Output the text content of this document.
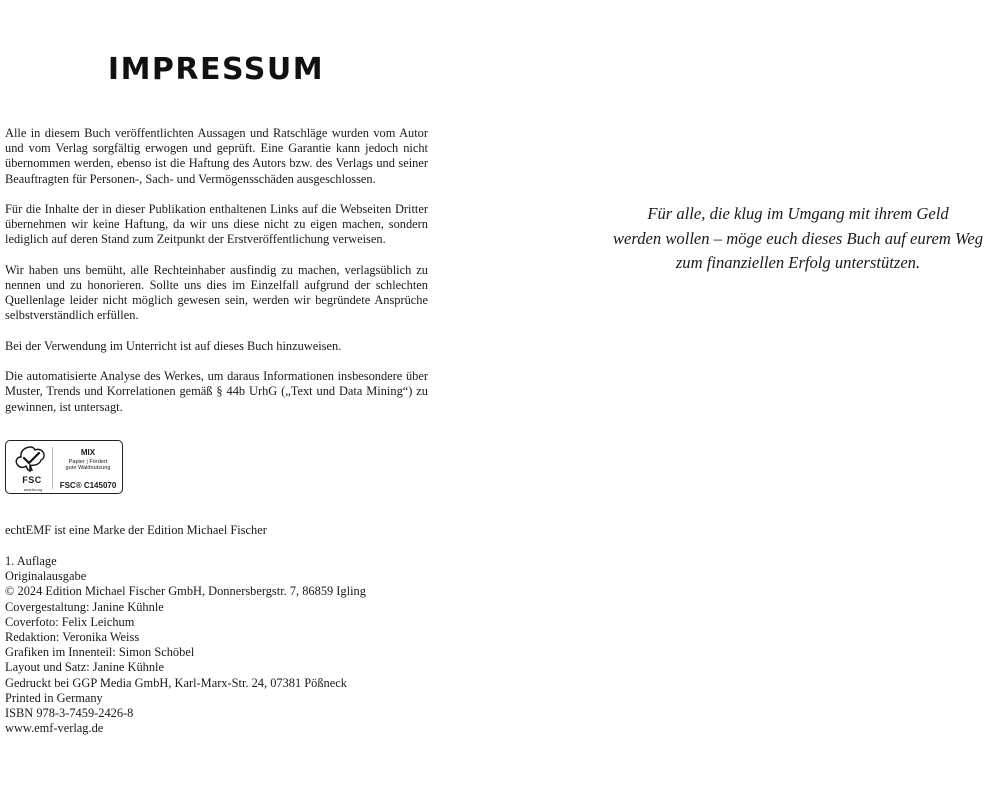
IMPRESSUM

Alle in diesem Buch veröffentlichten Aussagen und Ratschläge wurden vom Autor und vom Verlag sorgfältig erwogen und geprüft. Eine Garantie kann jedoch nicht übernommen werden, ebenso ist die Haftung des Autors bzw. des Verlags und seiner Beauftragten für Personen-, Sach- und Vermögensschäden ausgeschlossen.

Für die Inhalte der in dieser Publikation enthaltenen Links auf die Webseiten Dritter übernehmen wir keine Haftung, da wir uns diese nicht zu eigen machen, sondern lediglich auf deren Stand zum Zeitpunkt der Erstveröffentlichung verweisen.

Wir haben uns bemüht, alle Rechteinhaber ausfindig zu machen, verlagsüblich zu nennen und zu honorieren. Sollte uns dies im Einzelfall aufgrund der schlechten Quellenlage leider nicht möglich gewesen sein, werden wir begründete Ansprüche selbstverständlich erfüllen.

Bei der Verwendung im Unterricht ist auf dieses Buch hinzuweisen.

Die automatisierte Analyse des Werkes, um daraus Informationen insbesondere über Muster, Trends und Korrelationen gemäß § 44b UrhG („Text und Data Mining“) zu gewinnen, ist untersagt.

FSC
www.fsc.org
MIX
Papier | Fördert
gute Waldnutzung
FSC® C145070

echtEMF ist eine Marke der Edition Michael Fischer

1. Auflage
Originalausgabe
© 2024 Edition Michael Fischer GmbH, Donnersbergstr. 7, 86859 Igling
Covergestaltung: Janine Kühnle
Coverfoto: Felix Leichum
Redaktion: Veronika Weiss
Grafiken im Innenteil: Simon Schöbel
Layout und Satz: Janine Kühnle
Gedruckt bei GGP Media GmbH, Karl-Marx-Str. 24, 07381 Pößneck
Printed in Germany
ISBN 978-3-7459-2426-8
www.emf-verlag.de

Für alle, die klug im Umgang mit ihrem Geld
werden wollen – möge euch dieses Buch auf eurem Weg
zum finanziellen Erfolg unterstützen.
